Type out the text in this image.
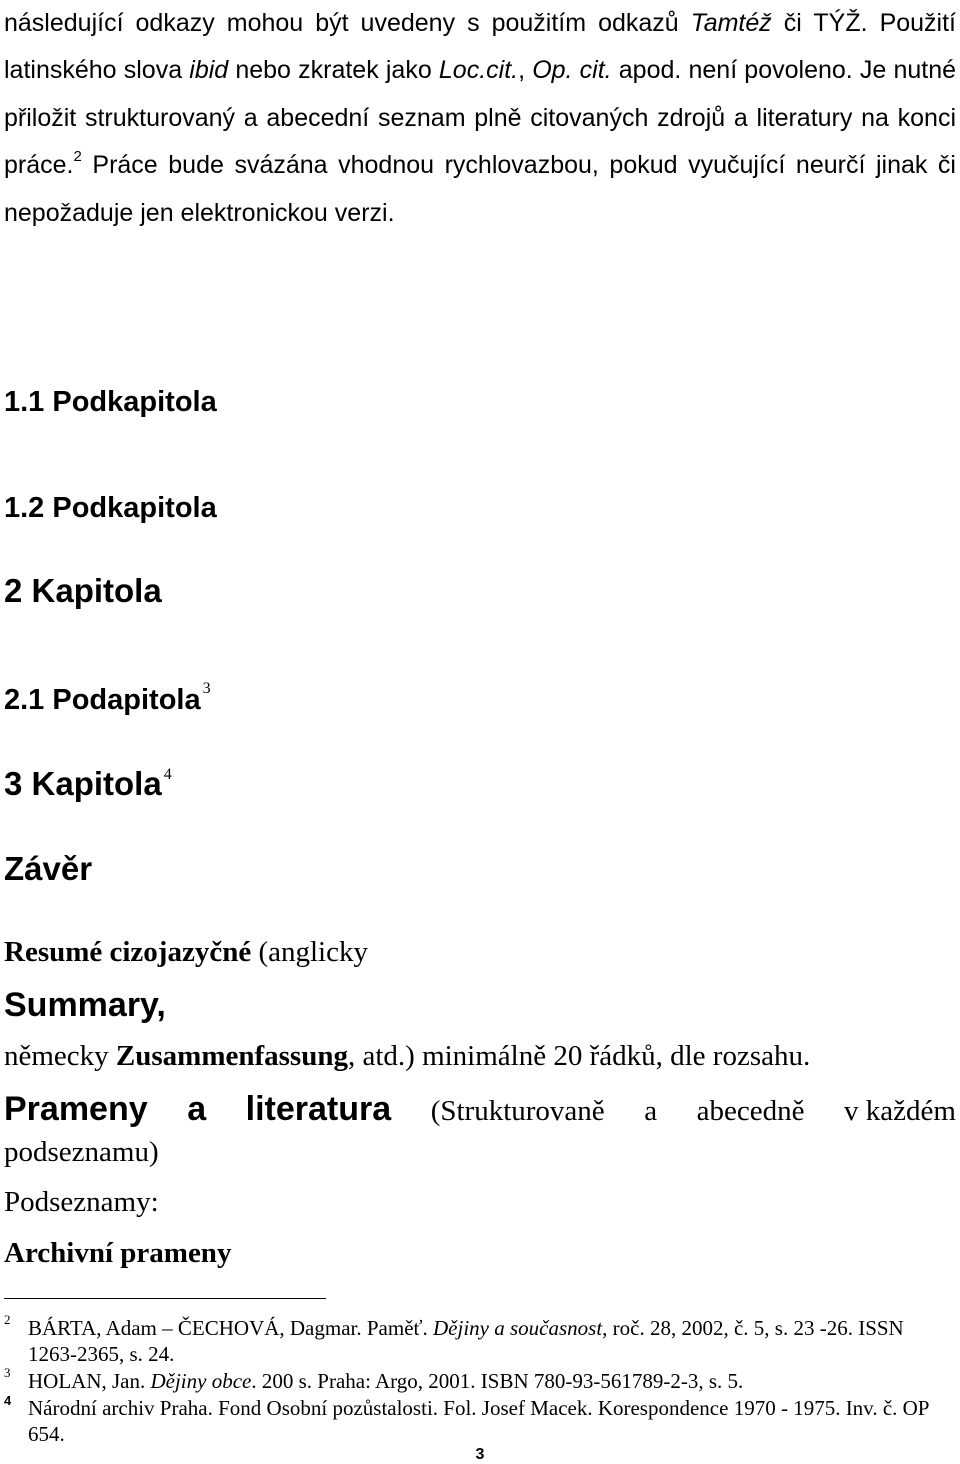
následující odkazy mohou být uvedeny s použitím odkazů Tamtéž či TÝŽ. Použití latinského slova ibid nebo zkratek jako Loc.cit., Op. cit. apod. není povoleno. Je nutné přiložit strukturovaný a abecední seznam plně citovaných zdrojů a literatury na konci práce.$^2$ Práce bude svázána vhodnou rychlovazbou, pokud vyučující neurčí jinak či nepožaduje jen elektronickou verzi.

1.1 Podkapitola
1.2 Podkapitola
2 Kapitola
2.1 Podapitola $^3$
3 Kapitola $^4$
Závěr

Resumé cizojazyčné (anglicky

Summary,

německy Zusammenfassung, atd.) minimálně 20 řádků, dle rozsahu.

Prameny a literatura (Strukturovaně a abecedně v každém

podseznamu)

Podseznamy:

Archivní prameny

2 BÁRTA, Adam – ČECHOVÁ, Dagmar. Paměť. Dějiny a současnost, roč. 28, 2002, č. 5, s. 23 -26. ISSN 1263-2365, s. 24.
3 HOLAN, Jan. Dějiny obce. 200 s. Praha: Argo, 2001. ISBN 780-93-561789-2-3, s. 5.
4 Národní archiv Praha. Fond Osobní pozůstalosti. Fol. Josef Macek. Korespondence 1970 - 1975. Inv. č. OP 654.
3
